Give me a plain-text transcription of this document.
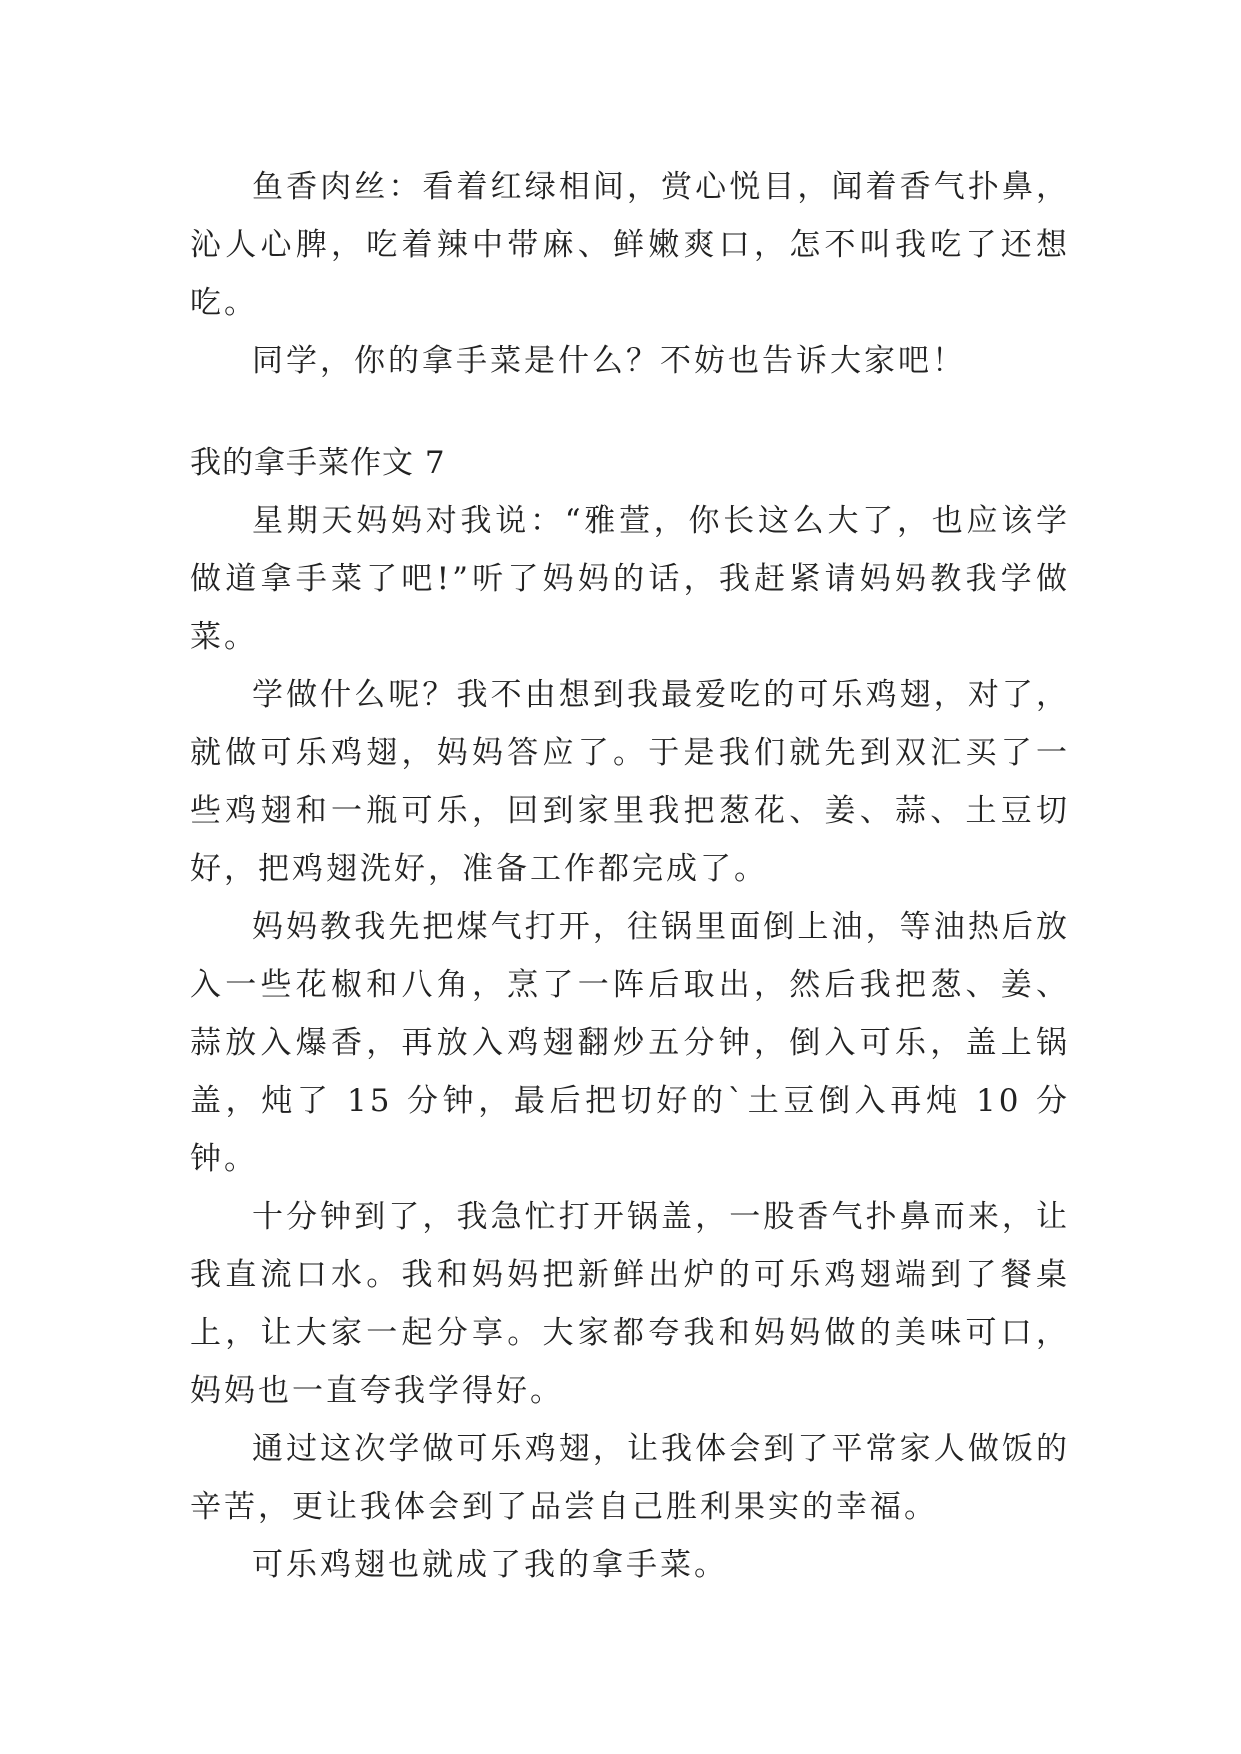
鱼香肉丝：看着红绿相间，赏心悦目，闻着香气扑鼻，沁人心脾，吃着辣中带麻、鲜嫩爽口，怎不叫我吃了还想吃。

同学，你的拿手菜是什么？不妨也告诉大家吧！

我的拿手菜作文 7

星期天妈妈对我说：“雅萱，你长这么大了，也应该学做道拿手菜了吧!”听了妈妈的话，我赶紧请妈妈教我学做菜。

学做什么呢？我不由想到我最爱吃的可乐鸡翅，对了，就做可乐鸡翅，妈妈答应了。于是我们就先到双汇买了一些鸡翅和一瓶可乐，回到家里我把葱花、姜、蒜、土豆切好，把鸡翅洗好，准备工作都完成了。

妈妈教我先把煤气打开，往锅里面倒上油，等油热后放入一些花椒和八角，烹了一阵后取出，然后我把葱、姜、蒜放入爆香，再放入鸡翅翻炒五分钟，倒入可乐，盖上锅盖，炖了 15 分钟，最后把切好的`土豆倒入再炖 10 分钟。

十分钟到了，我急忙打开锅盖，一股香气扑鼻而来，让我直流口水。我和妈妈把新鲜出炉的可乐鸡翅端到了餐桌上，让大家一起分享。大家都夸我和妈妈做的美味可口，妈妈也一直夸我学得好。

通过这次学做可乐鸡翅，让我体会到了平常家人做饭的辛苦，更让我体会到了品尝自己胜利果实的幸福。

可乐鸡翅也就成了我的拿手菜。
